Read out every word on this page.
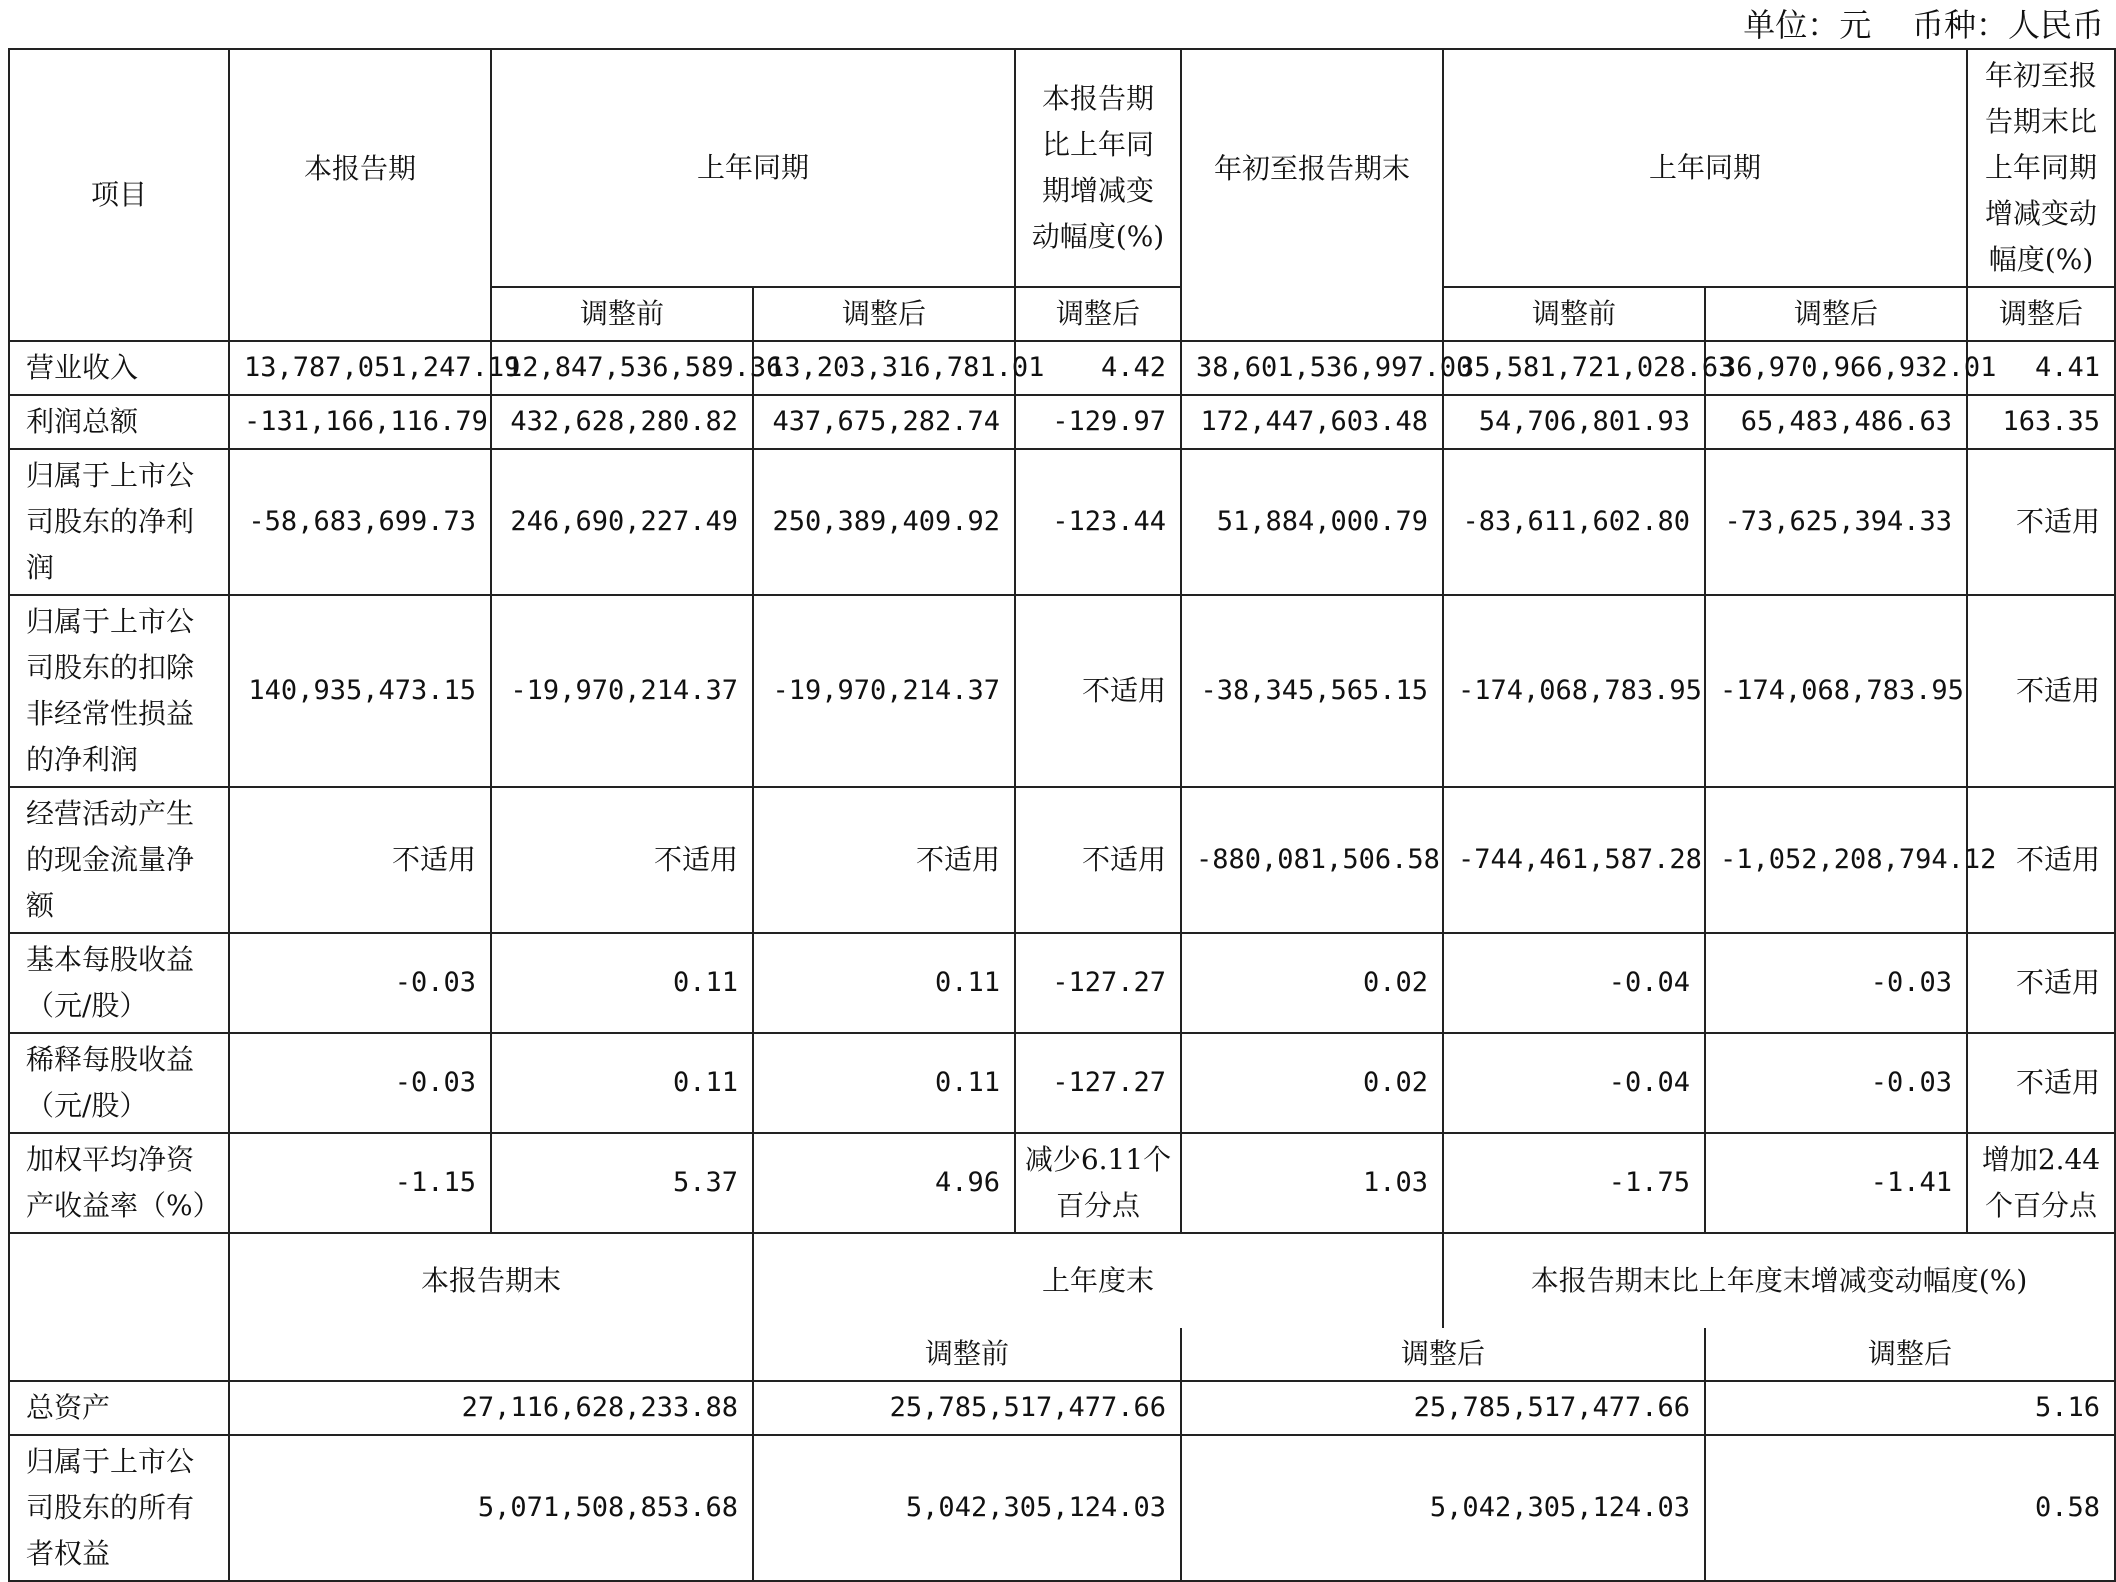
单位：元    币种：人民币
项目	本报告期	上年同期		本报告期比上年同期增减变动幅度(%)	年初至报告期末	上年同期		年初至报告期末比上年同期增减变动幅度(%)
		调整前	调整后	调整后		调整前	调整后	调整后
营业收入	13,787,051,247.19	12,847,536,589.36	13,203,316,781.01	4.42	38,601,536,997.00	35,581,721,028.63	36,970,966,932.01	4.41
利润总额	-131,166,116.79	432,628,280.82	437,675,282.74	-129.97	172,447,603.48	54,706,801.93	65,483,486.63	163.35
归属于上市公司股东的净利润	-58,683,699.73	246,690,227.49	250,389,409.92	-123.44	51,884,000.79	-83,611,602.80	-73,625,394.33	不适用
归属于上市公司股东的扣除非经常性损益的净利润	140,935,473.15	-19,970,214.37	-19,970,214.37	不适用	-38,345,565.15	-174,068,783.95	-174,068,783.95	不适用
经营活动产生的现金流量净额	不适用	不适用	不适用	不适用	-880,081,506.58	-744,461,587.28	-1,052,208,794.12	不适用
基本每股收益（元/股）	-0.03	0.11	0.11	-127.27	0.02	-0.04	-0.03	不适用
稀释每股收益（元/股）	-0.03	0.11	0.11	-127.27	0.02	-0.04	-0.03	不适用
加权平均净资产收益率（%）	-1.15	5.37	4.96	减少6.11个百分点	1.03	-1.75	-1.41	增加2.44个百分点
	本报告期末		上年度末			本报告期末比上年度末增减变动幅度(%)		
			调整前		调整后		调整后	
总资产	27,116,628,233.88		25,785,517,477.66		25,785,517,477.66		5.16	
归属于上市公司股东的所有者权益	5,071,508,853.68		5,042,305,124.03		5,042,305,124.03		0.58	
